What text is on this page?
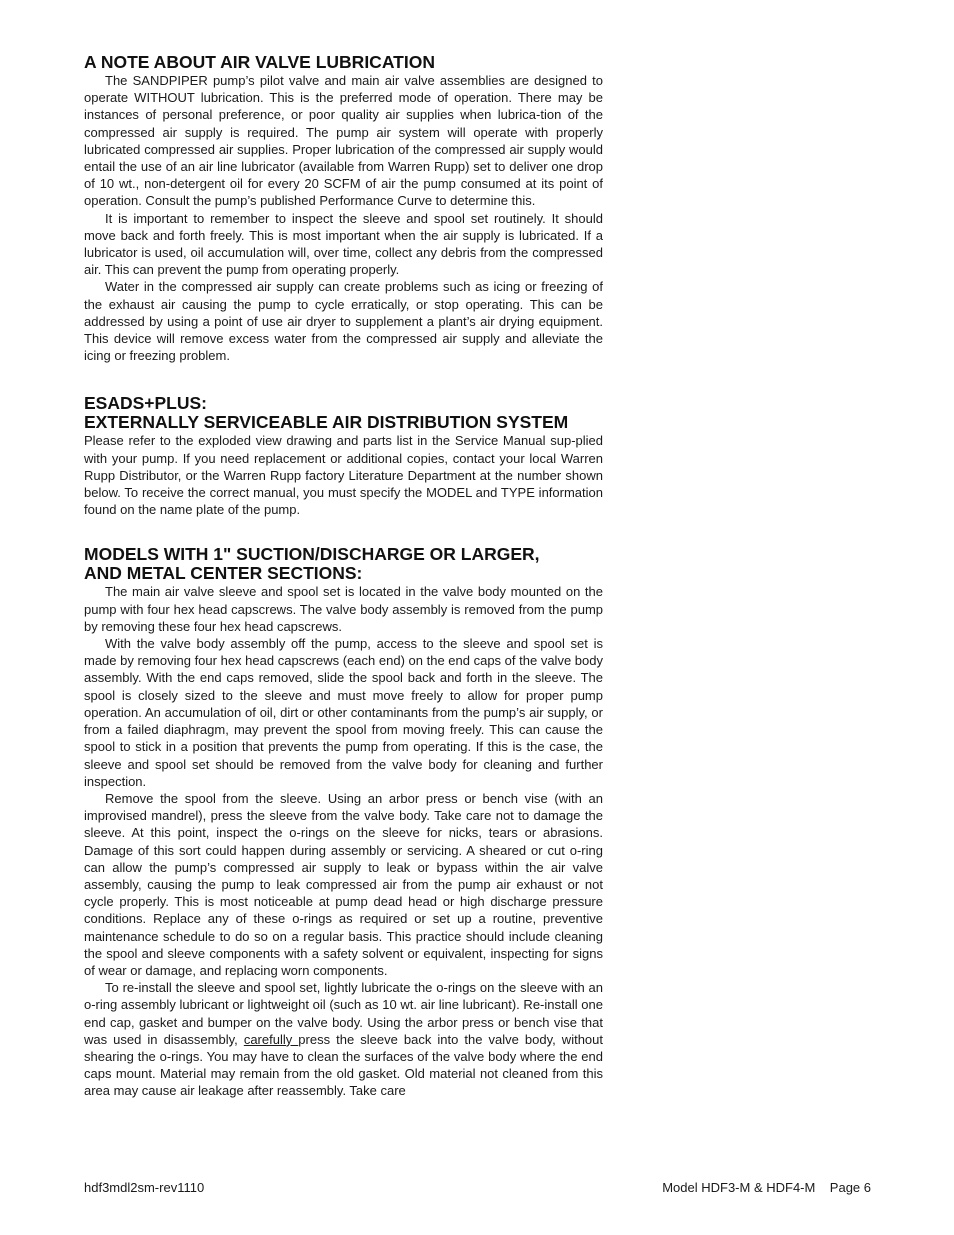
A NOTE ABOUT AIR VALVE LUBRICATION

The SANDPIPER pump’s pilot valve and main air valve assemblies are designed to operate WITHOUT lubrication. This is the preferred mode of operation. There may be instances of personal preference, or poor quality air supplies when lubrica-tion of the compressed air supply is required. The pump air system will operate with properly lubricated compressed air supplies. Proper lubrication of the compressed air supply would entail the use of an air line lubricator (available from Warren Rupp) set to deliver one drop of 10 wt., non-detergent oil for every 20 SCFM of air the pump consumed at its point of operation. Consult the pump’s published Performance Curve to determine this.

It is important to remember to inspect the sleeve and spool set routinely. It should move back and forth freely. This is most important when the air supply is lubricated. If a lubricator is used, oil accumulation will, over time, collect any debris from the compressed air. This can prevent the pump from operating properly.

Water in the compressed air supply can create problems such as icing or freezing of the exhaust air causing the pump to cycle erratically, or stop operating. This can be addressed by using a point of use air dryer to supplement a plant’s air drying equipment. This device will remove excess water from the compressed air supply and alleviate the icing or freezing problem.

ESADS+PLUS:
EXTERNALLY SERVICEABLE AIR DISTRIBUTION SYSTEM

Please refer to the exploded view drawing and parts list in the Service Manual sup-plied with your pump. If you need replacement or additional copies, contact your local Warren Rupp Distributor, or the Warren Rupp factory Literature Department at the number shown below. To receive the correct manual, you must specify the MODEL and TYPE information found on the name plate of the pump.

MODELS WITH 1" SUCTION/DISCHARGE OR LARGER,
AND METAL CENTER SECTIONS:

The main air valve sleeve and spool set is located in the valve body mounted on the pump with four hex head capscrews. The valve body assembly is removed from the pump by removing these four hex head capscrews.

With the valve body assembly off the pump, access to the sleeve and spool set is made by removing four hex head capscrews (each end) on the end caps of the valve body assembly. With the end caps removed, slide the spool back and forth in the sleeve. The spool is closely sized to the sleeve and must move freely to allow for proper pump operation. An accumulation of oil, dirt or other contaminants from the pump’s air supply, or from a failed diaphragm, may prevent the spool from moving freely. This can cause the spool to stick in a position that prevents the pump from operating. If this is the case, the sleeve and spool set should be removed from the valve body for cleaning and further inspection.

Remove the spool from the sleeve. Using an arbor press or bench vise (with an improvised mandrel), press the sleeve from the valve body. Take care not to damage the sleeve. At this point, inspect the o-rings on the sleeve for nicks, tears or abrasions. Damage of this sort could happen during assembly or servicing. A sheared or cut o-ring can allow the pump’s compressed air supply to leak or bypass within the air valve assembly, causing the pump to leak compressed air from the pump air exhaust or not cycle properly. This is most noticeable at pump dead head or high discharge pressure conditions. Replace any of these o-rings as required or set up a routine, preventive maintenance schedule to do so on a regular basis. This practice should include cleaning the spool and sleeve components with a safety solvent or equivalent, inspecting for signs of wear or damage, and replacing worn components.

To re-install the sleeve and spool set, lightly lubricate the o-rings on the sleeve with an o-ring assembly lubricant or lightweight oil (such as 10 wt. air line lubricant). Re-install one end cap, gasket and bumper on the valve body. Using the arbor press or bench vise that was used in disassembly, carefully press the sleeve back into the valve body, without shearing the o-rings. You may have to clean the surfaces of the valve body where the end caps mount. Material may remain from the old gasket. Old material not cleaned from this area may cause air leakage after reassembly. Take care

hdf3mdl2sm-rev1110	Model HDF3-M & HDF4-M    Page 6
